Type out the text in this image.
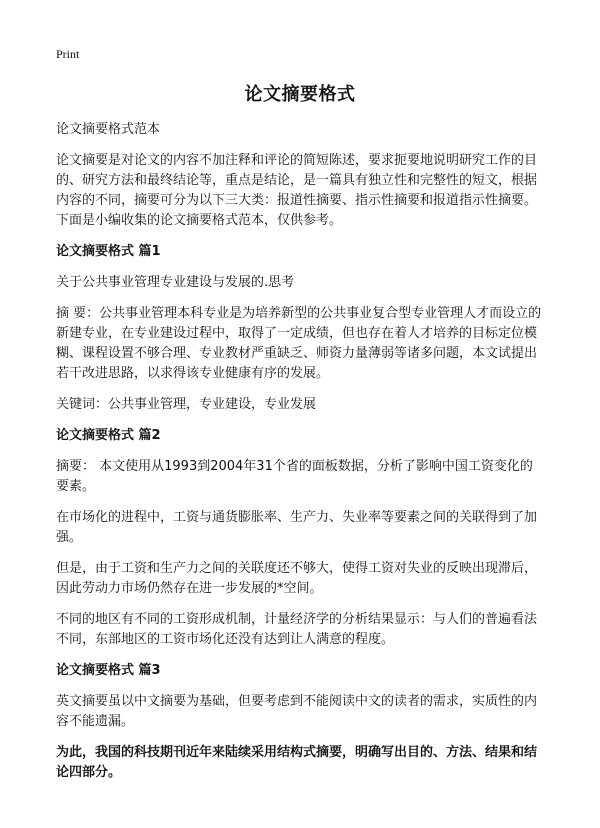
Print
论文摘要格式

论文摘要格式范本

论文摘要是对论文的内容不加注释和评论的简短陈述，要求扼要地说明研究工作的目的、研究方法和最终结论等，重点是结论，是一篇具有独立性和完整性的短文，根据内容的不同，摘要可分为以下三大类：报道性摘要、指示性摘要和报道指示性摘要。下面是小编收集的论文摘要格式范本，仅供参考。

论文摘要格式 篇1

关于公共事业管理专业建设与发展的.思考

摘 要：公共事业管理本科专业是为培养新型的公共事业复合型专业管理人才而设立的新建专业，在专业建设过程中，取得了一定成绩，但也存在着人才培养的目标定位模糊、课程设置不够合理、专业教材严重缺乏、师资力量薄弱等诸多问题，本文试提出若干改进思路，以求得该专业健康有序的发展。

关键词：公共事业管理，专业建设，专业发展

论文摘要格式 篇2

摘要： 本文使用从1993到2004年31个省的面板数据，分析了影响中国工资变化的要素。

在市场化的进程中，工资与通货膨胀率、生产力、失业率等要素之间的关联得到了加强。

但是，由于工资和生产力之间的关联度还不够大，使得工资对失业的反映出现滞后，因此劳动力市场仍然存在进一步发展的*空间。

不同的地区有不同的工资形成机制，计量经济学的分析结果显示：与人们的普遍看法不同，东部地区的工资市场化还没有达到让人满意的程度。

论文摘要格式 篇3

英文摘要虽以中文摘要为基础，但要考虑到不能阅读中文的读者的需求，实质性的内容不能遗漏。

为此，我国的科技期刊近年来陆续采用结构式摘要，明确写出目的、方法、结果和结论四部分。
